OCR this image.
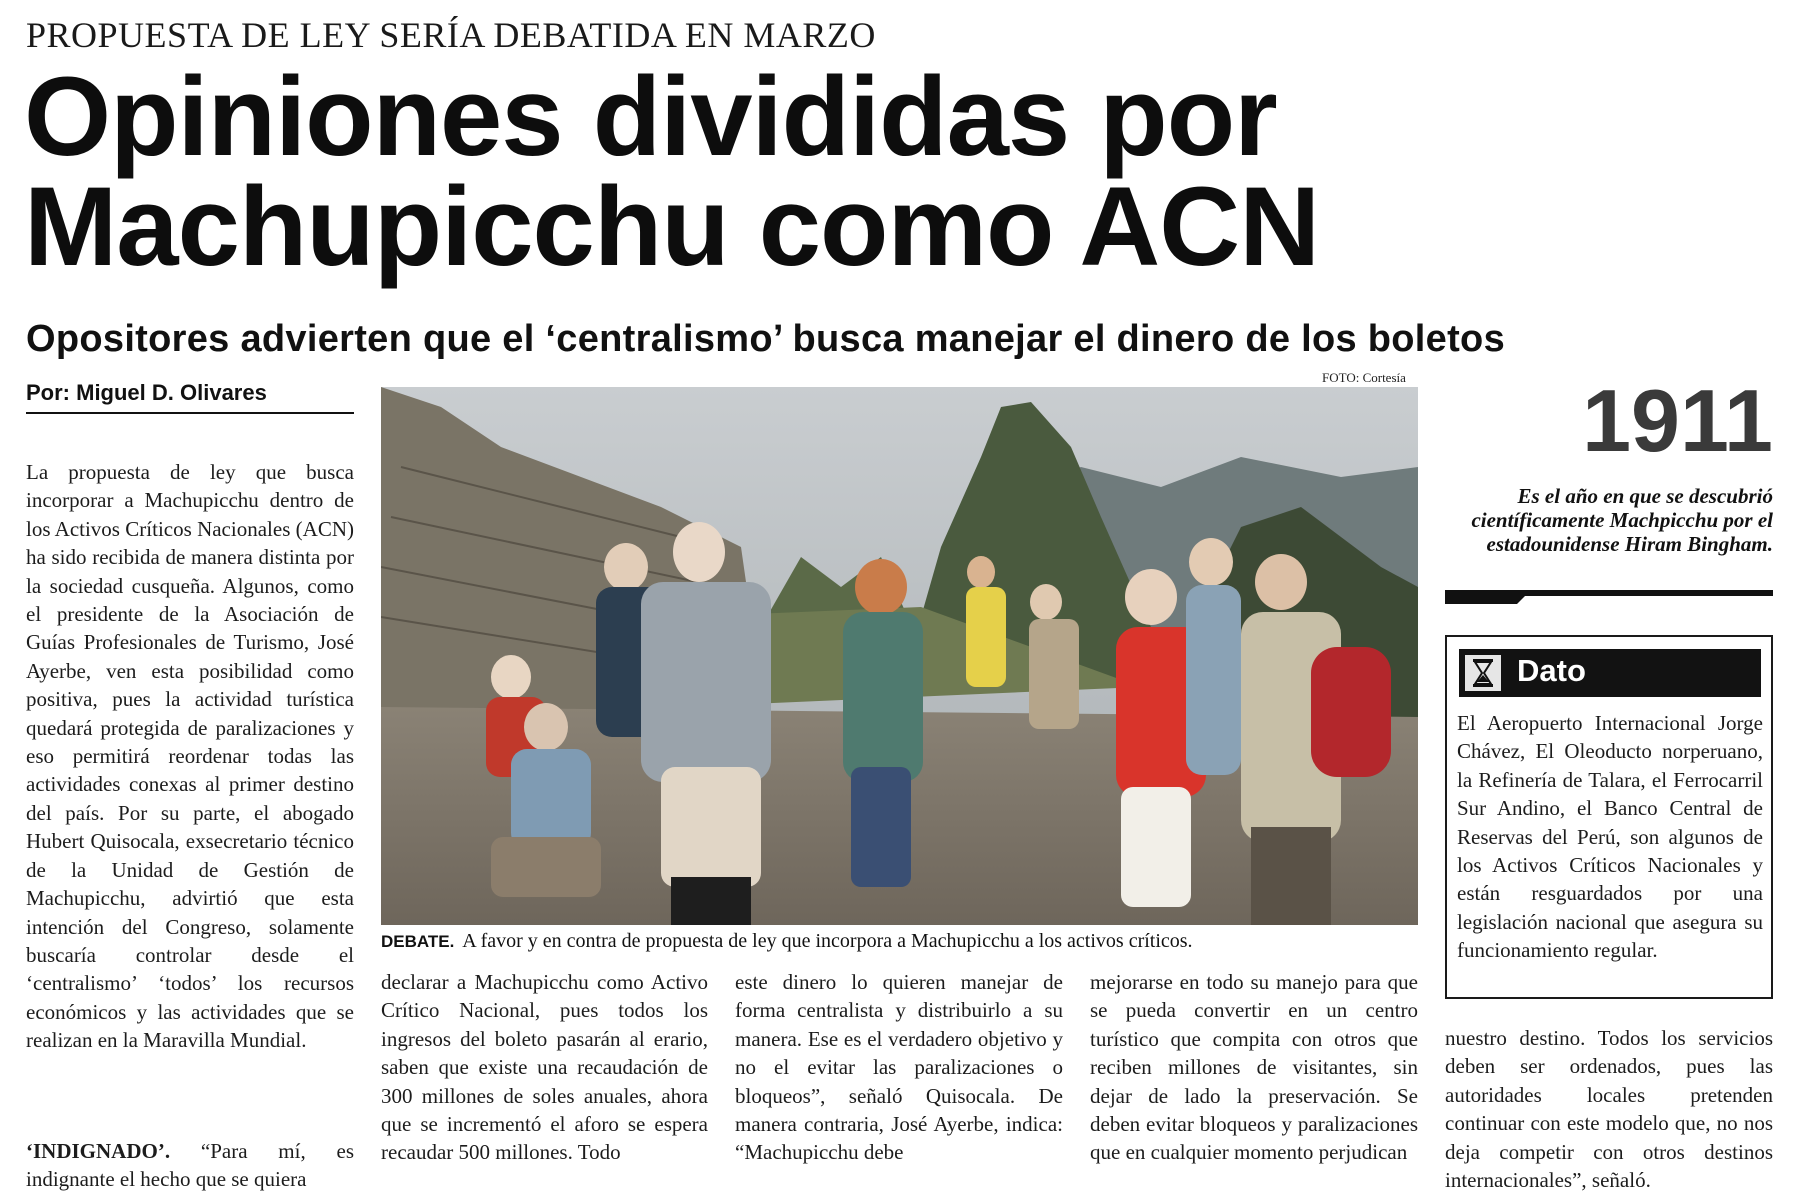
PROPUESTA DE LEY SERÍA DEBATIDA EN MARZO
Opiniones divididas por
Machupicchu como ACN
Opositores advierten que el ‘centralismo’ busca manejar el dinero de los boletos
Por: Miguel D. Olivares
FOTO: Cortesía
DEBATE. A favor y en contra de propuesta de ley que incorpora a Machupicchu a los activos críticos.

La propuesta de ley que busca incorporar a Machupicchu dentro de los Activos Críticos Nacionales (ACN) ha sido recibida de manera distinta por la sociedad cusqueña. Algunos, como el presidente de la Asociación de Guías Profesionales de Turismo, José Ayerbe, ven esta posibilidad como positiva, pues la actividad turística quedará protegida de paralizaciones y eso permitirá reordenar todas las actividades conexas al primer destino del país. Por su parte, el abogado Hubert Quisocala, exsecretario técnico de la Unidad de Gestión de Machupicchu, advirtió que esta intención del Congreso, solamente buscaría controlar desde el ‘centralismo’ ‘todos’ los recursos económicos y las actividades que se realizan en la Maravilla Mundial.

‘INDIGNADO’. “Para mí, es indignante el hecho que se quiera

declarar a Machupicchu como Activo Crítico Nacional, pues todos los ingresos del boleto pasarán al erario, saben que existe una recaudación de 300 millones de soles anuales, ahora que se incrementó el aforo se espera recaudar 500 millones. Todo

este dinero lo quieren manejar de forma centralista y distribuirlo a su manera. Ese es el verdadero objetivo y no el evitar las paralizaciones o bloqueos”, señaló Quisocala. De manera contraria, José Ayerbe, indica: “Machupicchu debe

mejorarse en todo su manejo para que se pueda convertir en un centro turístico que compita con otros que reciben millones de visitantes, sin dejar de lado la preservación. Se deben evitar bloqueos y paralizaciones que en cualquier momento perjudican

nuestro destino. Todos los servicios deben ser ordenados, pues las autoridades locales pretenden continuar con este modelo que, no nos deja competir con otros destinos internacionales”, señaló.

1911
Es el año en que se descubrió científicamente Machpicchu por el estadounidense Hiram Bingham.
Dato

El Aeropuerto Internacional Jorge Chávez, El Oleoducto norperuano, la Refinería de Talara, el Ferrocarril Sur Andino, el Banco Central de Reservas del Perú, son algunos de los Activos Críticos Nacionales y están resguardados por una legislación nacional que asegura su funcionamiento regular.
